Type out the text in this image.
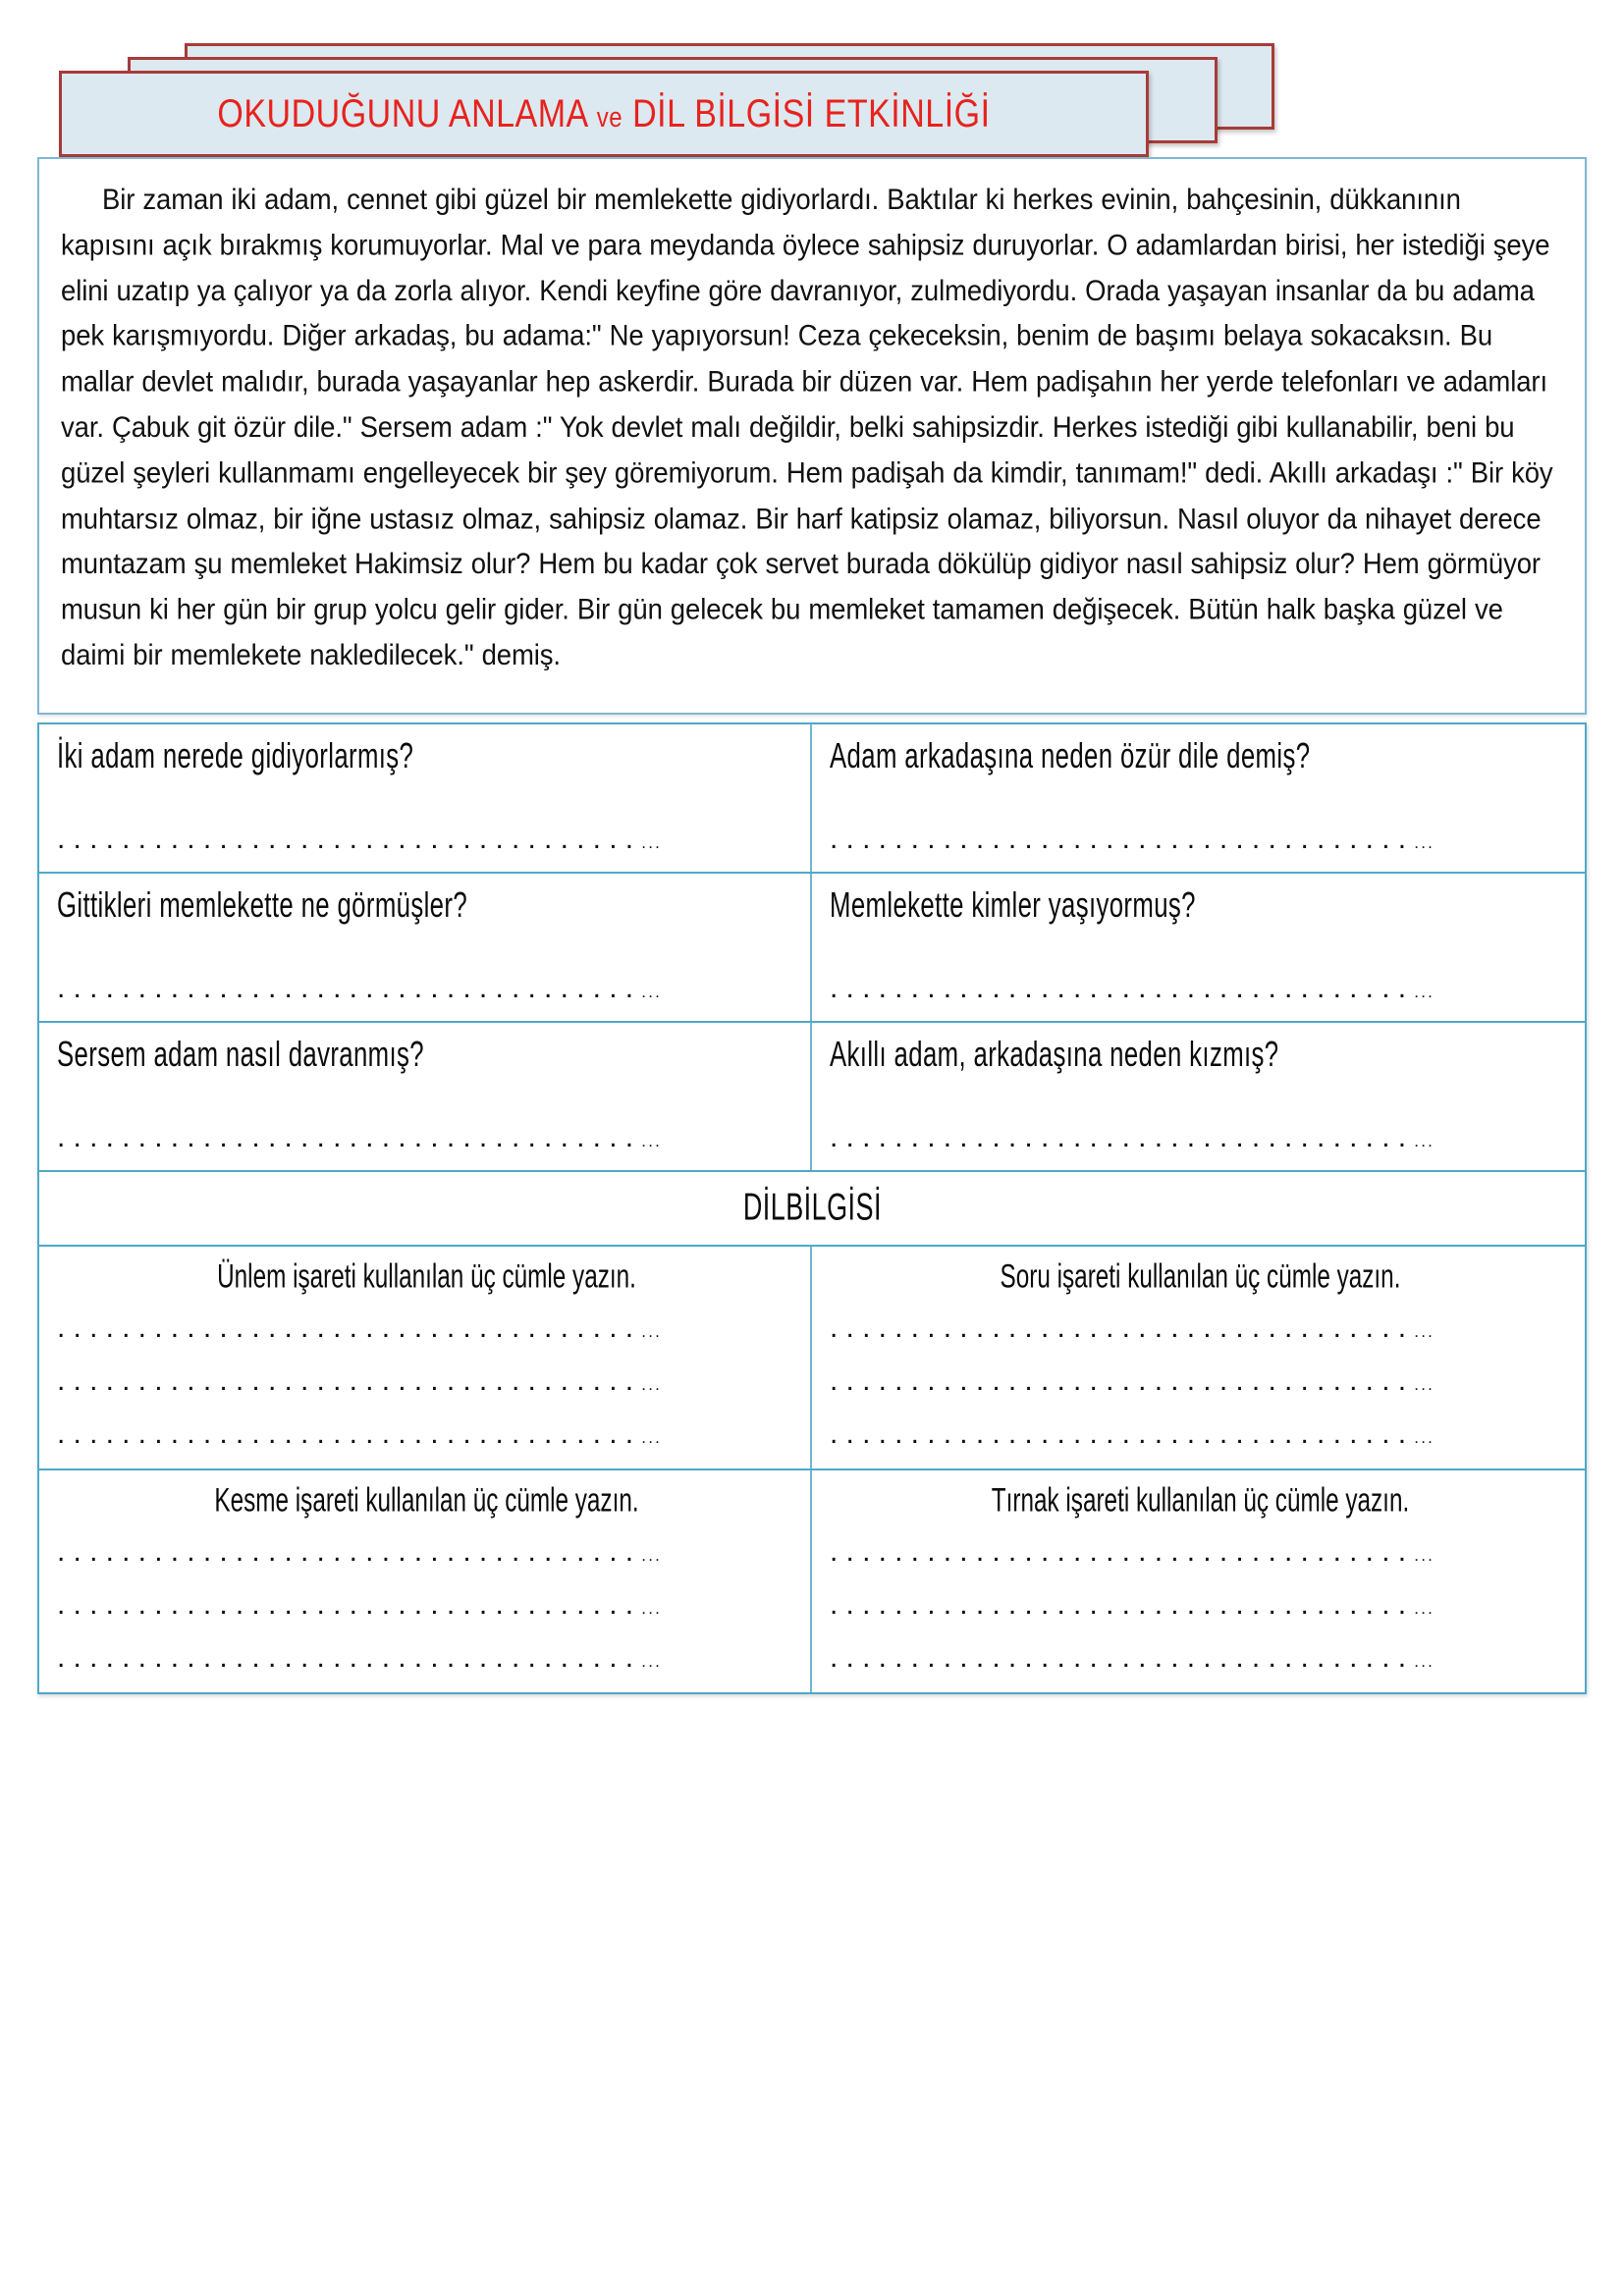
OKUDUĞUNU ANLAMA ve DİL BİLGİSİ ETKİNLİĞİ
Bir zaman iki adam, cennet gibi güzel bir memlekette gidiyorlardı. Baktılar ki herkes evinin, bahçesinin, dükkanının kapısını açık bırakmış korumuyorlar. Mal ve para meydanda öylece sahipsiz duruyorlar. O adamlardan birisi, her istediği şeye elini uzatıp ya çalıyor ya da zorla alıyor. Kendi keyfine göre davranıyor, zulmediyordu. Orada yaşayan insanlar da bu adama pek karışmıyordu. Diğer arkadaş, bu adama:" Ne yapıyorsun! Ceza çekeceksin, benim de başımı belaya sokacaksın. Bu mallar devlet malıdır, burada yaşayanlar hep askerdir. Burada bir düzen var. Hem padişahın her yerde telefonları ve adamları var. Çabuk git özür dile." Sersem adam :" Yok devlet malı değildir, belki sahipsizdir. Herkes istediği gibi kullanabilir, beni bu güzel şeyleri kullanmamı engelleyecek bir şey göremiyorum. Hem padişah da kimdir, tanımam!" dedi. Akıllı arkadaşı :" Bir köy muhtarsız olmaz, bir iğne ustasız olmaz, sahipsiz olamaz. Bir harf katipsiz olamaz, biliyorsun. Nasıl oluyor da nihayet derece muntazam şu memleket Hakimsiz olur? Hem bu kadar çok servet burada dökülüp gidiyor nasıl sahipsiz olur? Hem görmüyor musun ki her gün bir grup yolcu gelir gider. Bir gün gelecek bu memleket tamamen değişecek. Bütün halk başka güzel ve daimi bir memlekete nakledilecek." demiş.
İki adam nerede gidiyorlarmış?
.......................................
Adam arkadaşına neden özür dile demiş?
.......................................
Gittikleri memlekette ne görmüşler?
.......................................
Memlekette kimler yaşıyormuş?
.......................................
Sersem adam nasıl davranmış?
.......................................
Akıllı adam, arkadaşına neden kızmış?
.......................................
DİLBİLGİSİ
Ünlem işareti kullanılan üç cümle yazın.
.......................................
.......................................
.......................................
Soru işareti kullanılan üç cümle yazın.
.......................................
.......................................
.......................................
Kesme işareti kullanılan üç cümle yazın.
.......................................
.......................................
.......................................
Tırnak işareti kullanılan üç cümle yazın.
.......................................
.......................................
.......................................
